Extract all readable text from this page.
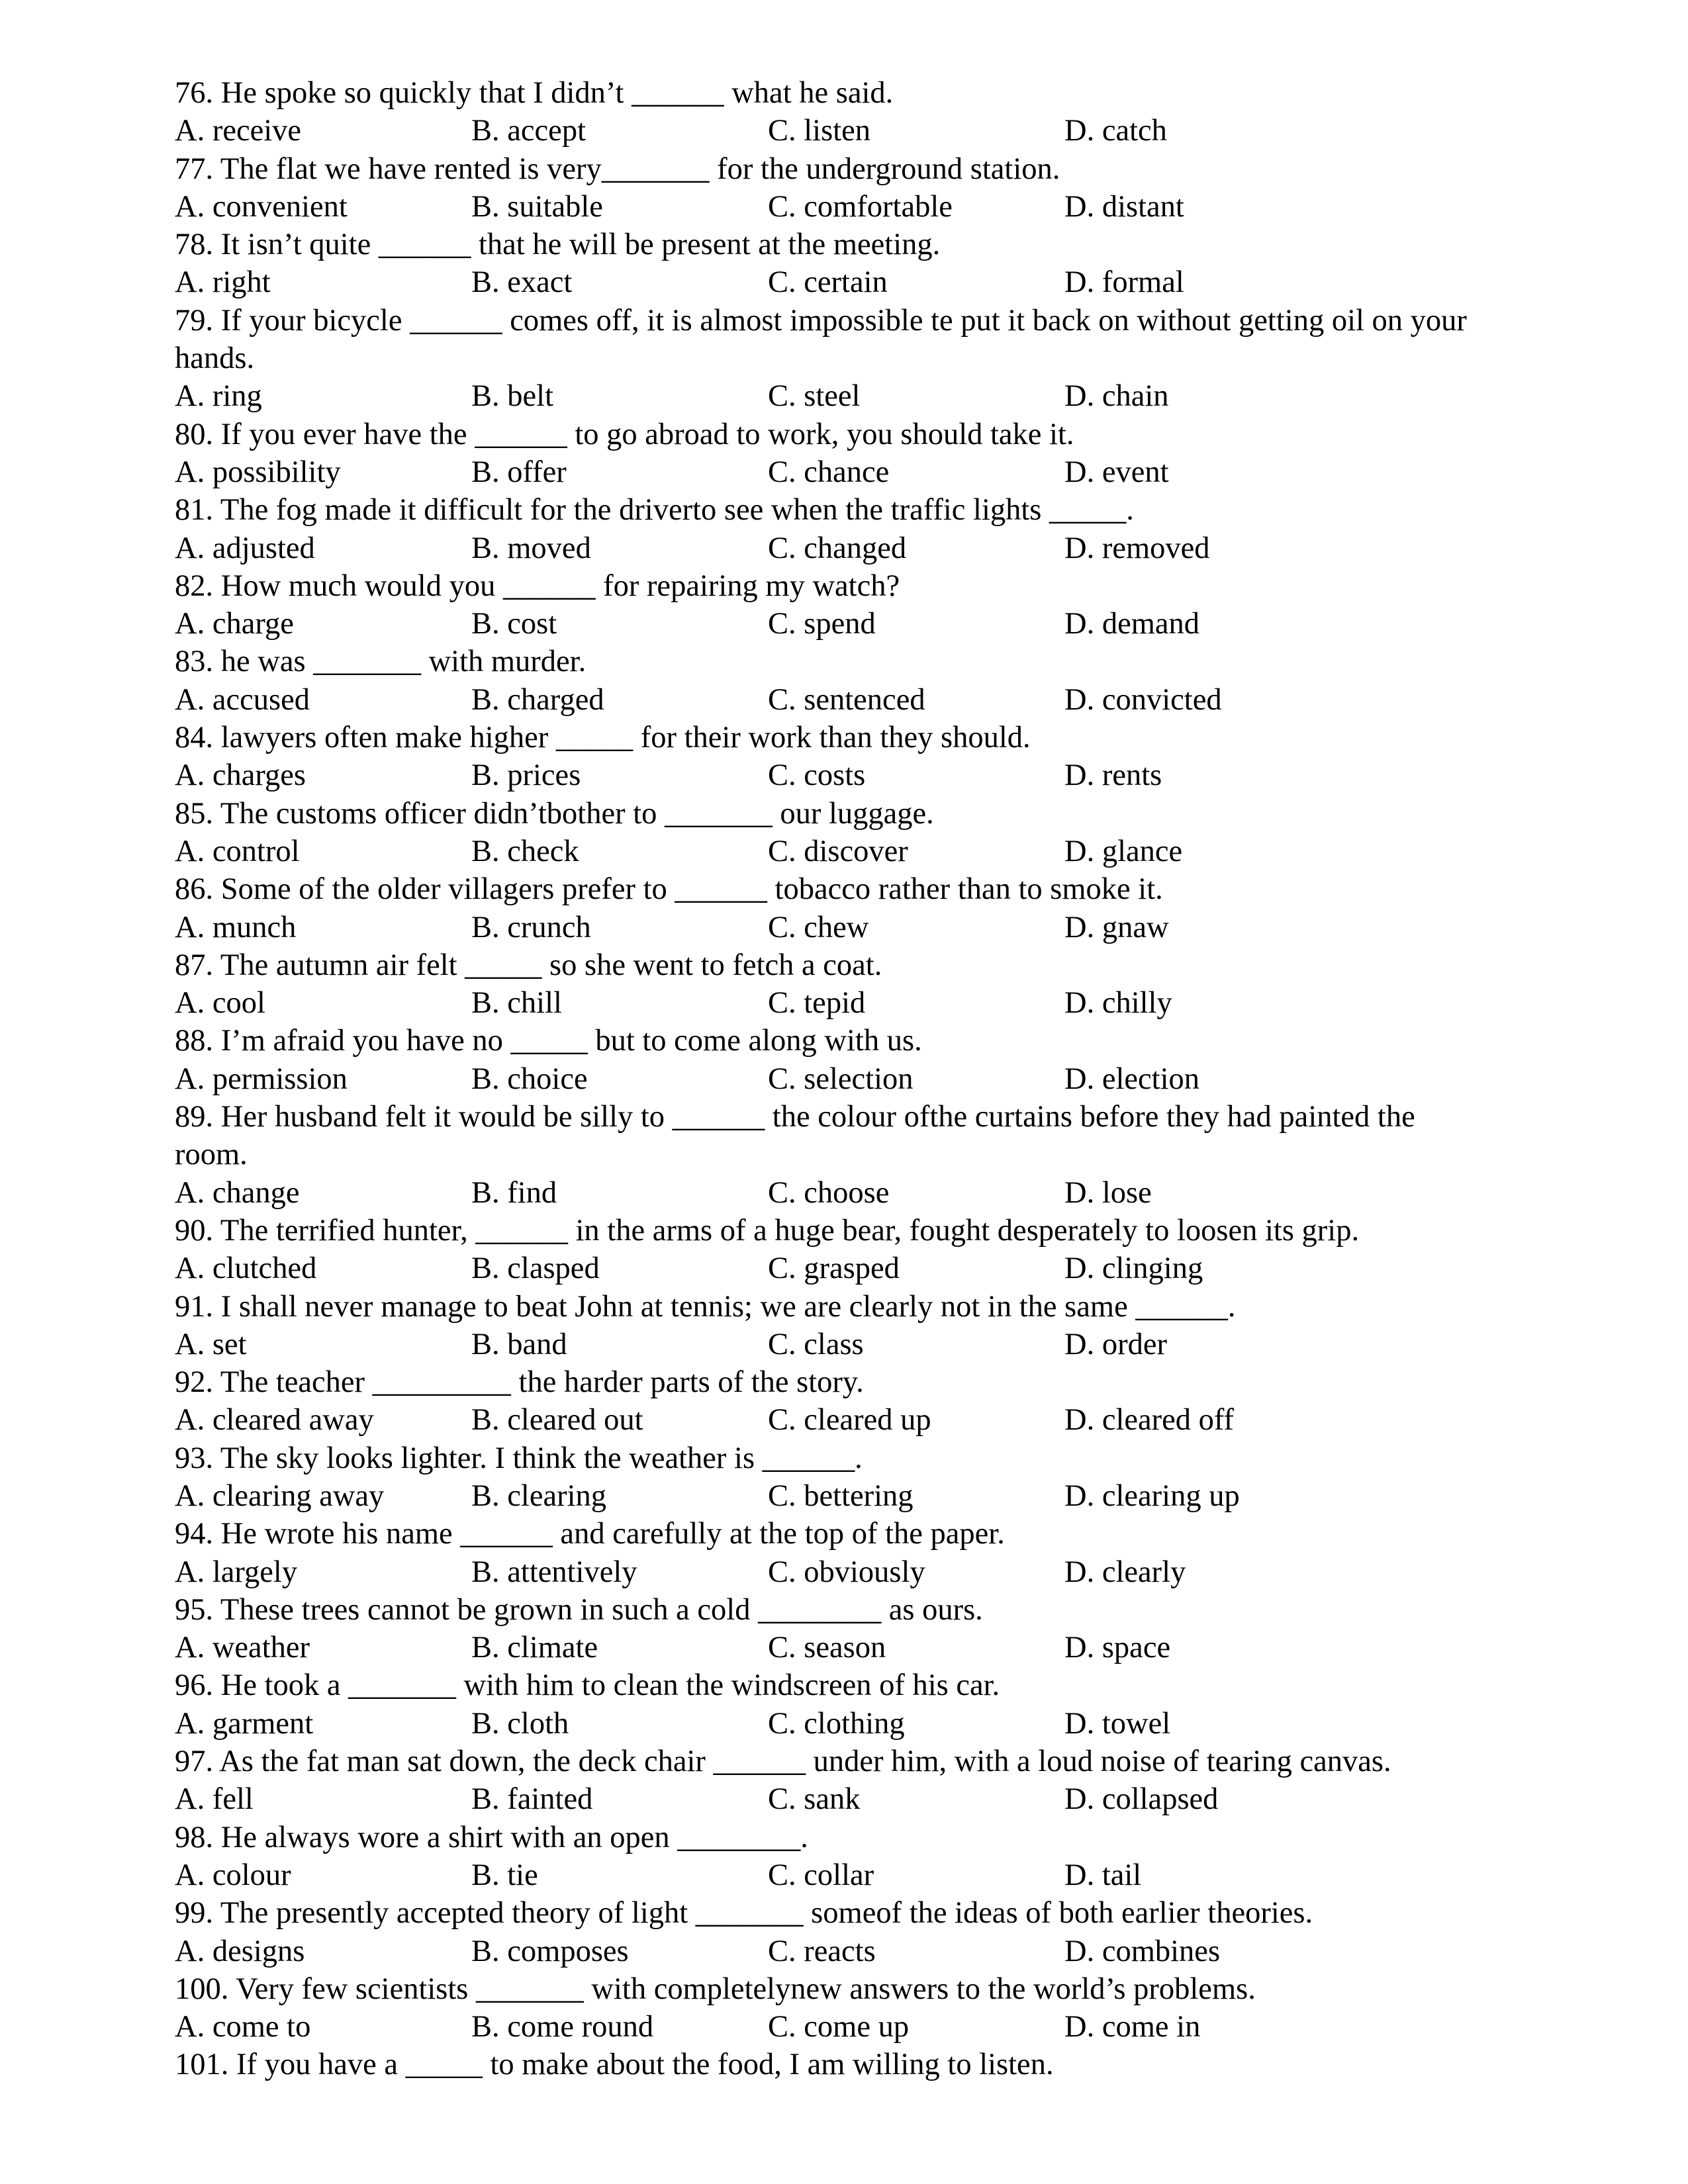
76. He spoke so quickly that I didn’t ______ what he said.
A. receive	B. accept	C. listen	D. catch
77. The flat we have rented is very_______ for the underground station.
A. convenient	B. suitable	C. comfortable	D. distant
78. It isn’t quite ______ that he will be present at the meeting.
A. right	B. exact	C. certain	D. formal
79. If your bicycle ______ comes off, it is almost impossible te put it back on without getting oil on your hands.
A. ring	B. belt	C. steel	D. chain
80. If you ever have the ______ to go abroad to work, you should take it.
A. possibility	B. offer	C. chance	D. event
81. The fog made it difficult for the driverto see when the traffic lights _____.
A. adjusted	B. moved	C. changed	D. removed
82. How much would you ______ for repairing my watch?
A. charge	B. cost	C. spend	D. demand
83. he was _______ with murder.
A. accused	B. charged	C. sentenced	D. convicted
84. lawyers often make higher _____ for their work than they should.
A. charges	B. prices	C. costs	D. rents
85. The customs officer didn’tbother to _______ our luggage.
A. control	B. check	C. discover	D. glance
86. Some of the older villagers prefer to ______ tobacco rather than to smoke it.
A. munch	B. crunch	C. chew	D. gnaw
87. The autumn air felt _____ so she went to fetch a coat.
A. cool	B. chill	C. tepid	D. chilly
88. I’m afraid you have no _____ but to come along with us.
A. permission	B. choice	C. selection	D. election
89. Her husband felt it would be silly to ______ the colour ofthe curtains before they had painted the room.
A. change	B. find	C. choose	D. lose
90. The terrified hunter, ______ in the arms of a huge bear, fought desperately to loosen its grip.
A. clutched	B. clasped	C. grasped	D. clinging
91. I shall never manage to beat John at tennis; we are clearly not in the same ______.
A. set	B. band	C. class	D. order
92. The teacher _________ the harder parts of the story.
A. cleared away	B. cleared out	C. cleared up	D. cleared off
93. The sky looks lighter. I think the weather is ______.
A. clearing away	B. clearing	C. bettering	D. clearing up
94. He wrote his name ______ and carefully at the top of the paper.
A. largely	B. attentively	C. obviously	D. clearly
95. These trees cannot be grown in such a cold ________ as ours.
A. weather	B. climate	C. season	D. space
96. He took a _______ with him to clean the windscreen of his car.
A. garment	B. cloth	C. clothing	D. towel
97. As the fat man sat down, the deck chair ______ under him, with a loud noise of tearing canvas.
A. fell	B. fainted	C. sank	D. collapsed
98. He always wore a shirt with an open ________.
A. colour	B. tie	C. collar	D. tail
99. The presently accepted theory of light _______ someof the ideas of both earlier theories.
A. designs	B. composes	C. reacts	D. combines
100. Very few scientists _______ with completelynew answers to the world’s problems.
A. come to	B. come round	C. come up	D. come in
101. If you have a _____ to make about the food, I am willing to listen.
